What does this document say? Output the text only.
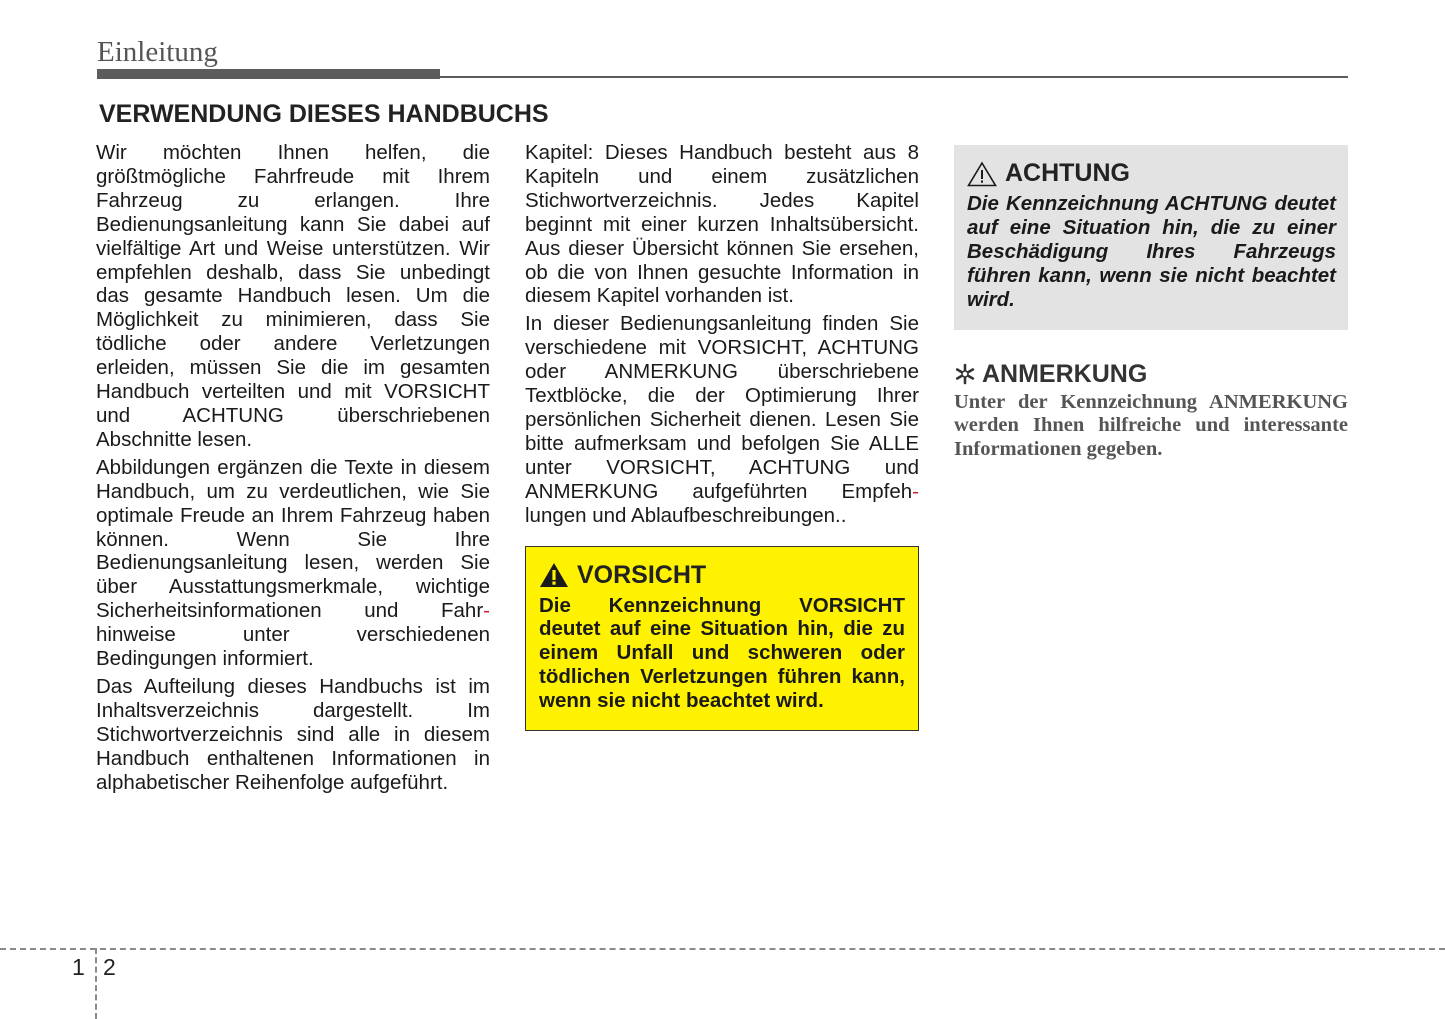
Einleitung
VERWENDUNG DIESES HANDBUCHS

Wir möchten Ihnen helfen, die größtmögliche Fahrfreude mit Ihrem Fahrzeug zu erlangen. Ihre Bedienungsanleitung kann Sie dabei auf vielfältige Art und Weise unterstützen. Wir empfehlen deshalb, dass Sie unbedingt das gesamte Handbuch lesen. Um die Möglichkeit zu minimieren, dass Sie tödliche oder andere Verletzungen erleiden, müssen Sie die im gesamten Handbuch verteilten und mit VORSICHT und ACHTUNG überschriebenen Abschnitte lesen.

Abbildungen ergänzen die Texte in diesem Handbuch, um zu verdeutlichen, wie Sie optimale Freude an Ihrem Fahrzeug haben können. Wenn Sie Ihre Bedienungsanleitung lesen, werden Sie über Ausstattungsmerkmale, wichtige Sicherheitsinformationen und Fahr-hinweise unter verschiedenen Bedingungen informiert.

Das Aufteilung dieses Handbuchs ist im Inhaltsverzeichnis dargestellt. Im Stichwortverzeichnis sind alle in diesem Handbuch enthaltenen Informationen in alphabetischer Reihenfolge aufgeführt.

Kapitel: Dieses Handbuch besteht aus 8 Kapiteln und einem zusätzlichen Stichwortverzeichnis. Jedes Kapitel beginnt mit einer kurzen Inhaltsübersicht. Aus dieser Übersicht können Sie ersehen, ob die von Ihnen gesuchte Information in diesem Kapitel vorhanden ist.

In dieser Bedienungsanleitung finden Sie verschiedene mit VORSICHT, ACHTUNG oder ANMERKUNG überschriebene Textblöcke, die der Optimierung Ihrer persönlichen Sicherheit dienen. Lesen Sie bitte aufmerksam und befolgen Sie ALLE unter VORSICHT, ACHTUNG und ANMERKUNG aufgeführten Empfeh-lungen und Ablaufbeschreibungen..

VORSICHT

Die Kennzeichnung VORSICHT deutet auf eine Situation hin, die zu einem Unfall und schweren oder tödlichen Verletzungen führen kann, wenn sie nicht beachtet wird.

ACHTUNG

Die Kennzeichnung ACHTUNG deutet auf eine Situation hin, die zu einer Beschädigung Ihres Fahrzeugs führen kann, wenn sie nicht beachtet wird.

ANMERKUNG

Unter der Kennzeichnung ANMERKUNG werden Ihnen hilfreiche und interessante Informationen gegeben.

1 2
